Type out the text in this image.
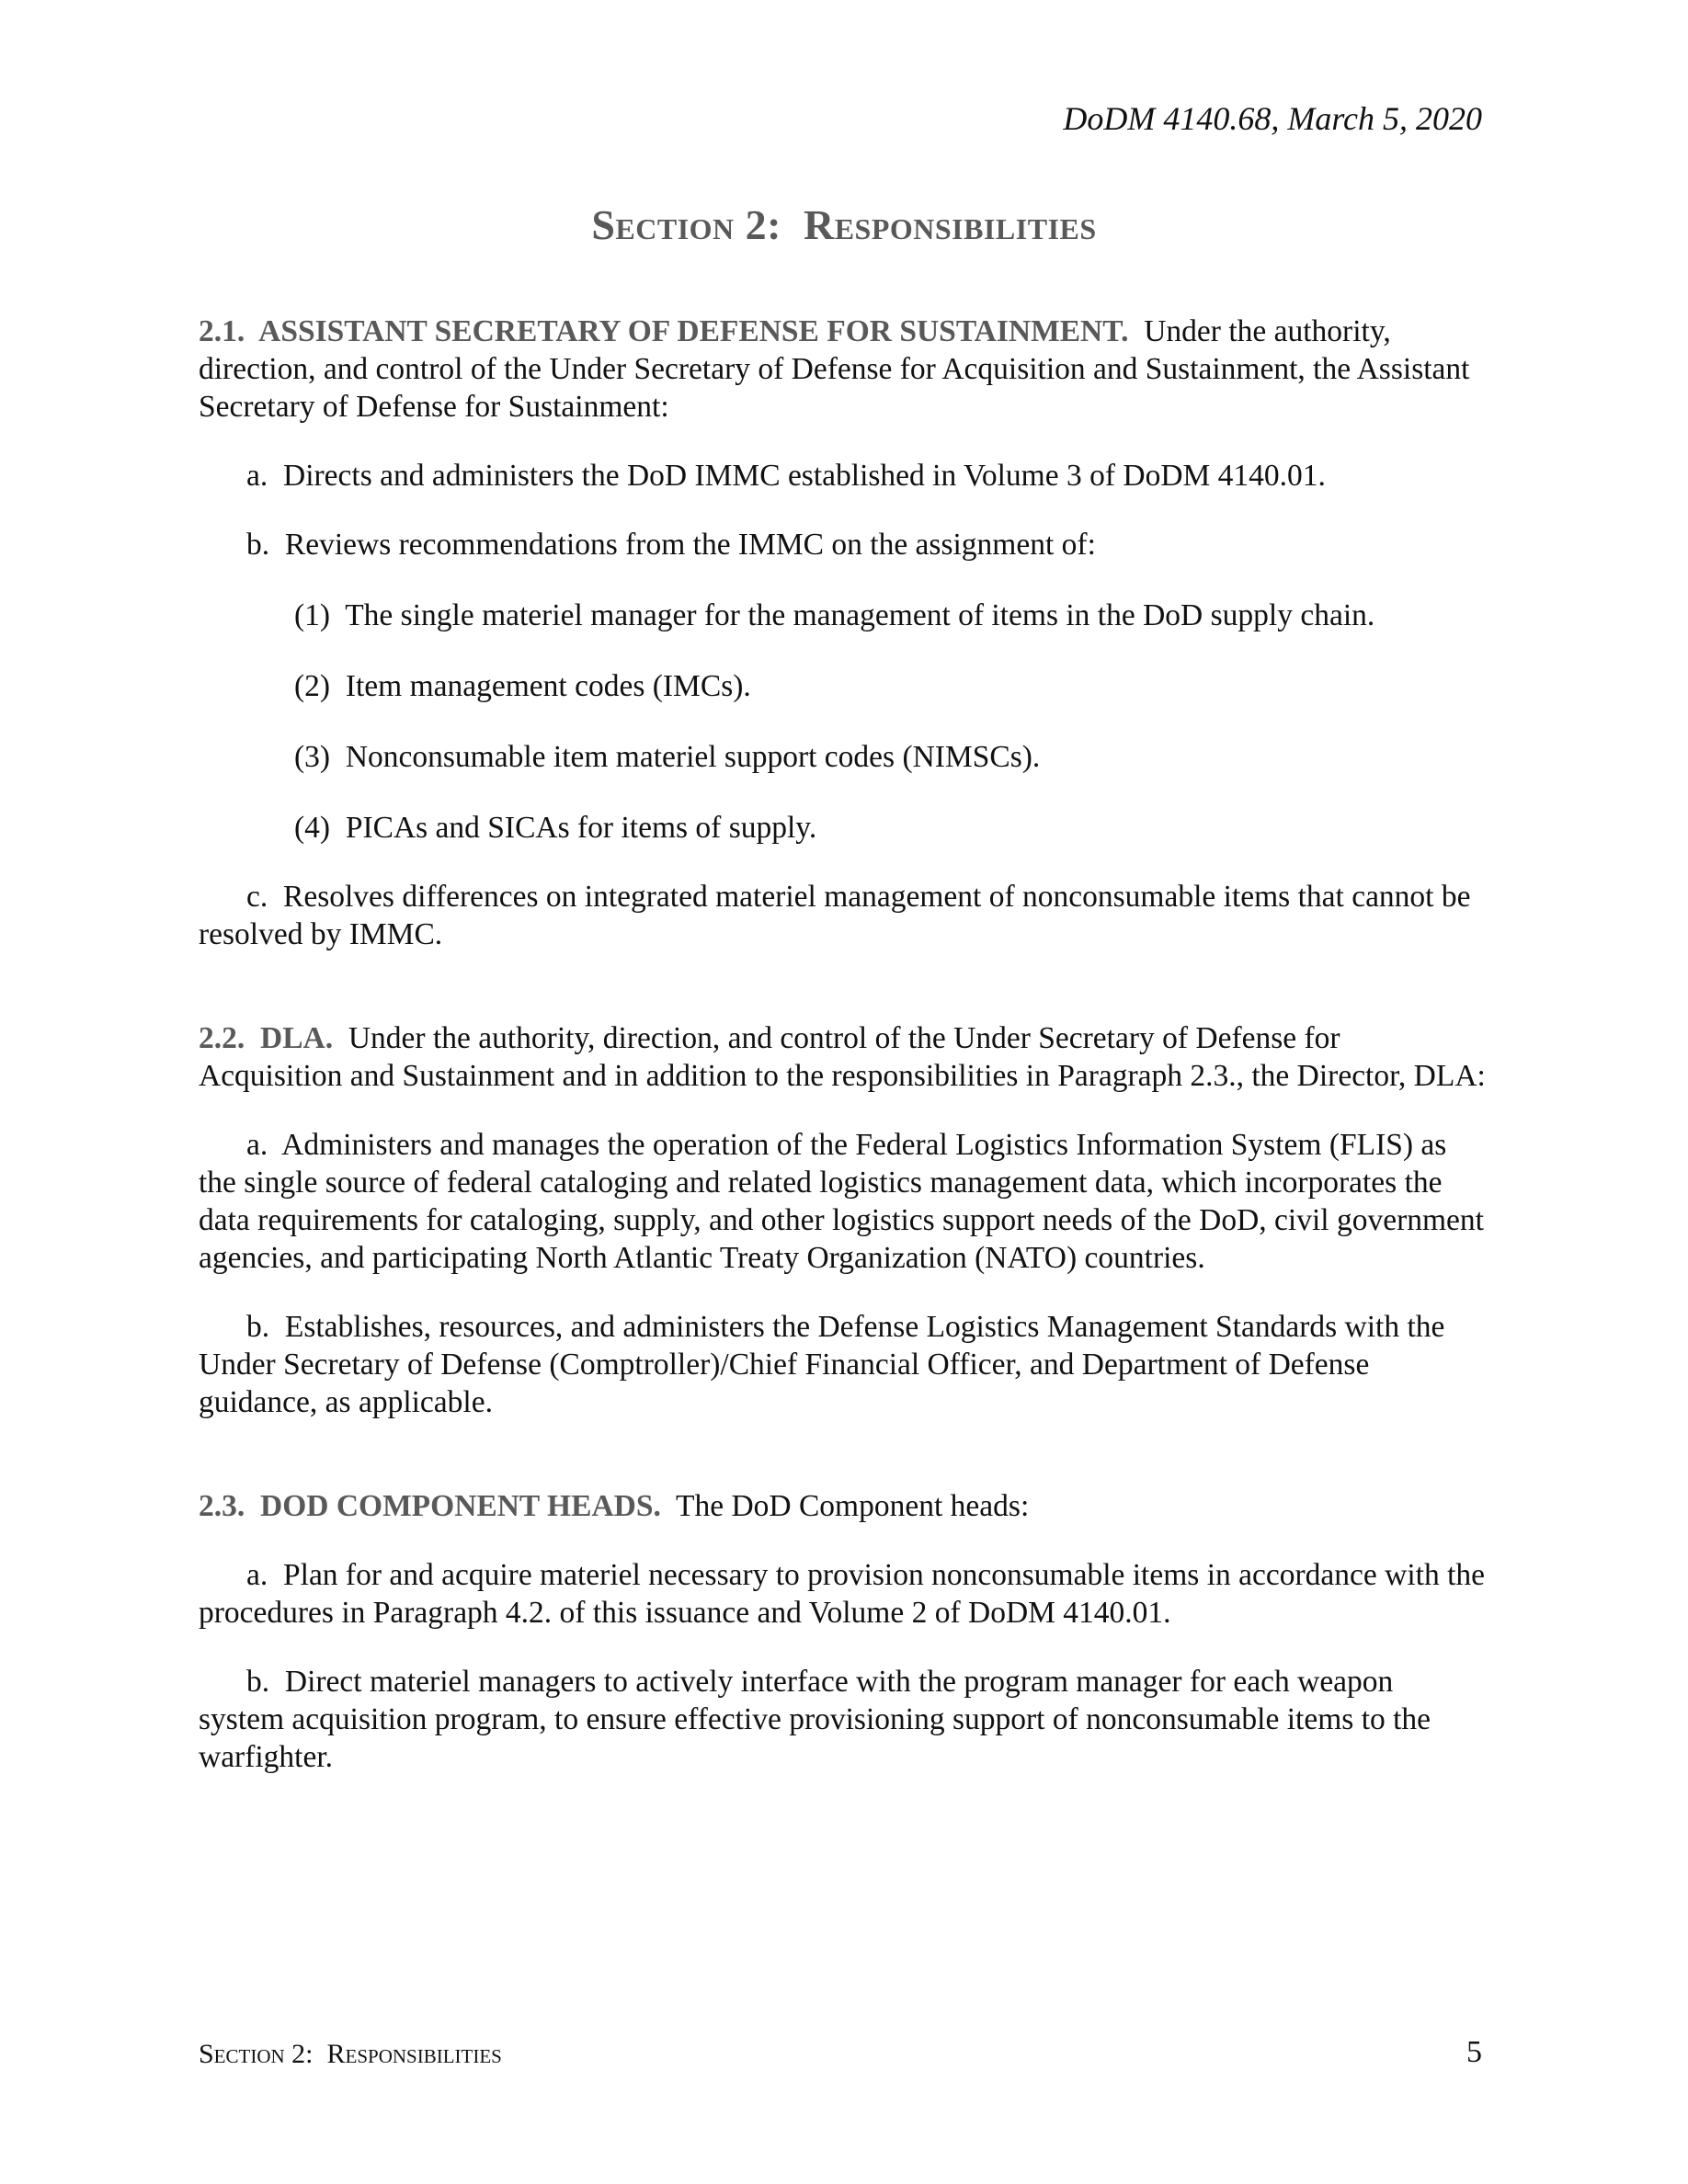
DoDM 4140.68, March 5, 2020
Section 2:  Responsibilities

2.1. ASSISTANT SECRETARY OF DEFENSE FOR SUSTAINMENT. Under the authority, direction, and control of the Under Secretary of Defense for Acquisition and Sustainment, the Assistant Secretary of Defense for Sustainment:

a. Directs and administers the DoD IMMC established in Volume 3 of DoDM 4140.01.

b. Reviews recommendations from the IMMC on the assignment of:

(1) The single materiel manager for the management of items in the DoD supply chain.

(2) Item management codes (IMCs).

(3) Nonconsumable item materiel support codes (NIMSCs).

(4) PICAs and SICAs for items of supply.

c. Resolves differences on integrated materiel management of nonconsumable items that cannot be resolved by IMMC.

2.2. DLA. Under the authority, direction, and control of the Under Secretary of Defense for Acquisition and Sustainment and in addition to the responsibilities in Paragraph 2.3., the Director, DLA:

a. Administers and manages the operation of the Federal Logistics Information System (FLIS) as the single source of federal cataloging and related logistics management data, which incorporates the data requirements for cataloging, supply, and other logistics support needs of the DoD, civil government agencies, and participating North Atlantic Treaty Organization (NATO) countries.

b. Establishes, resources, and administers the Defense Logistics Management Standards with the Under Secretary of Defense (Comptroller)/Chief Financial Officer, and Department of Defense guidance, as applicable.

2.3. DOD COMPONENT HEADS. The DoD Component heads:

a. Plan for and acquire materiel necessary to provision nonconsumable items in accordance with the procedures in Paragraph 4.2. of this issuance and Volume 2 of DoDM 4140.01.

b. Direct materiel managers to actively interface with the program manager for each weapon system acquisition program, to ensure effective provisioning support of nonconsumable items to the warfighter.

Section 2:  Responsibilities	5
